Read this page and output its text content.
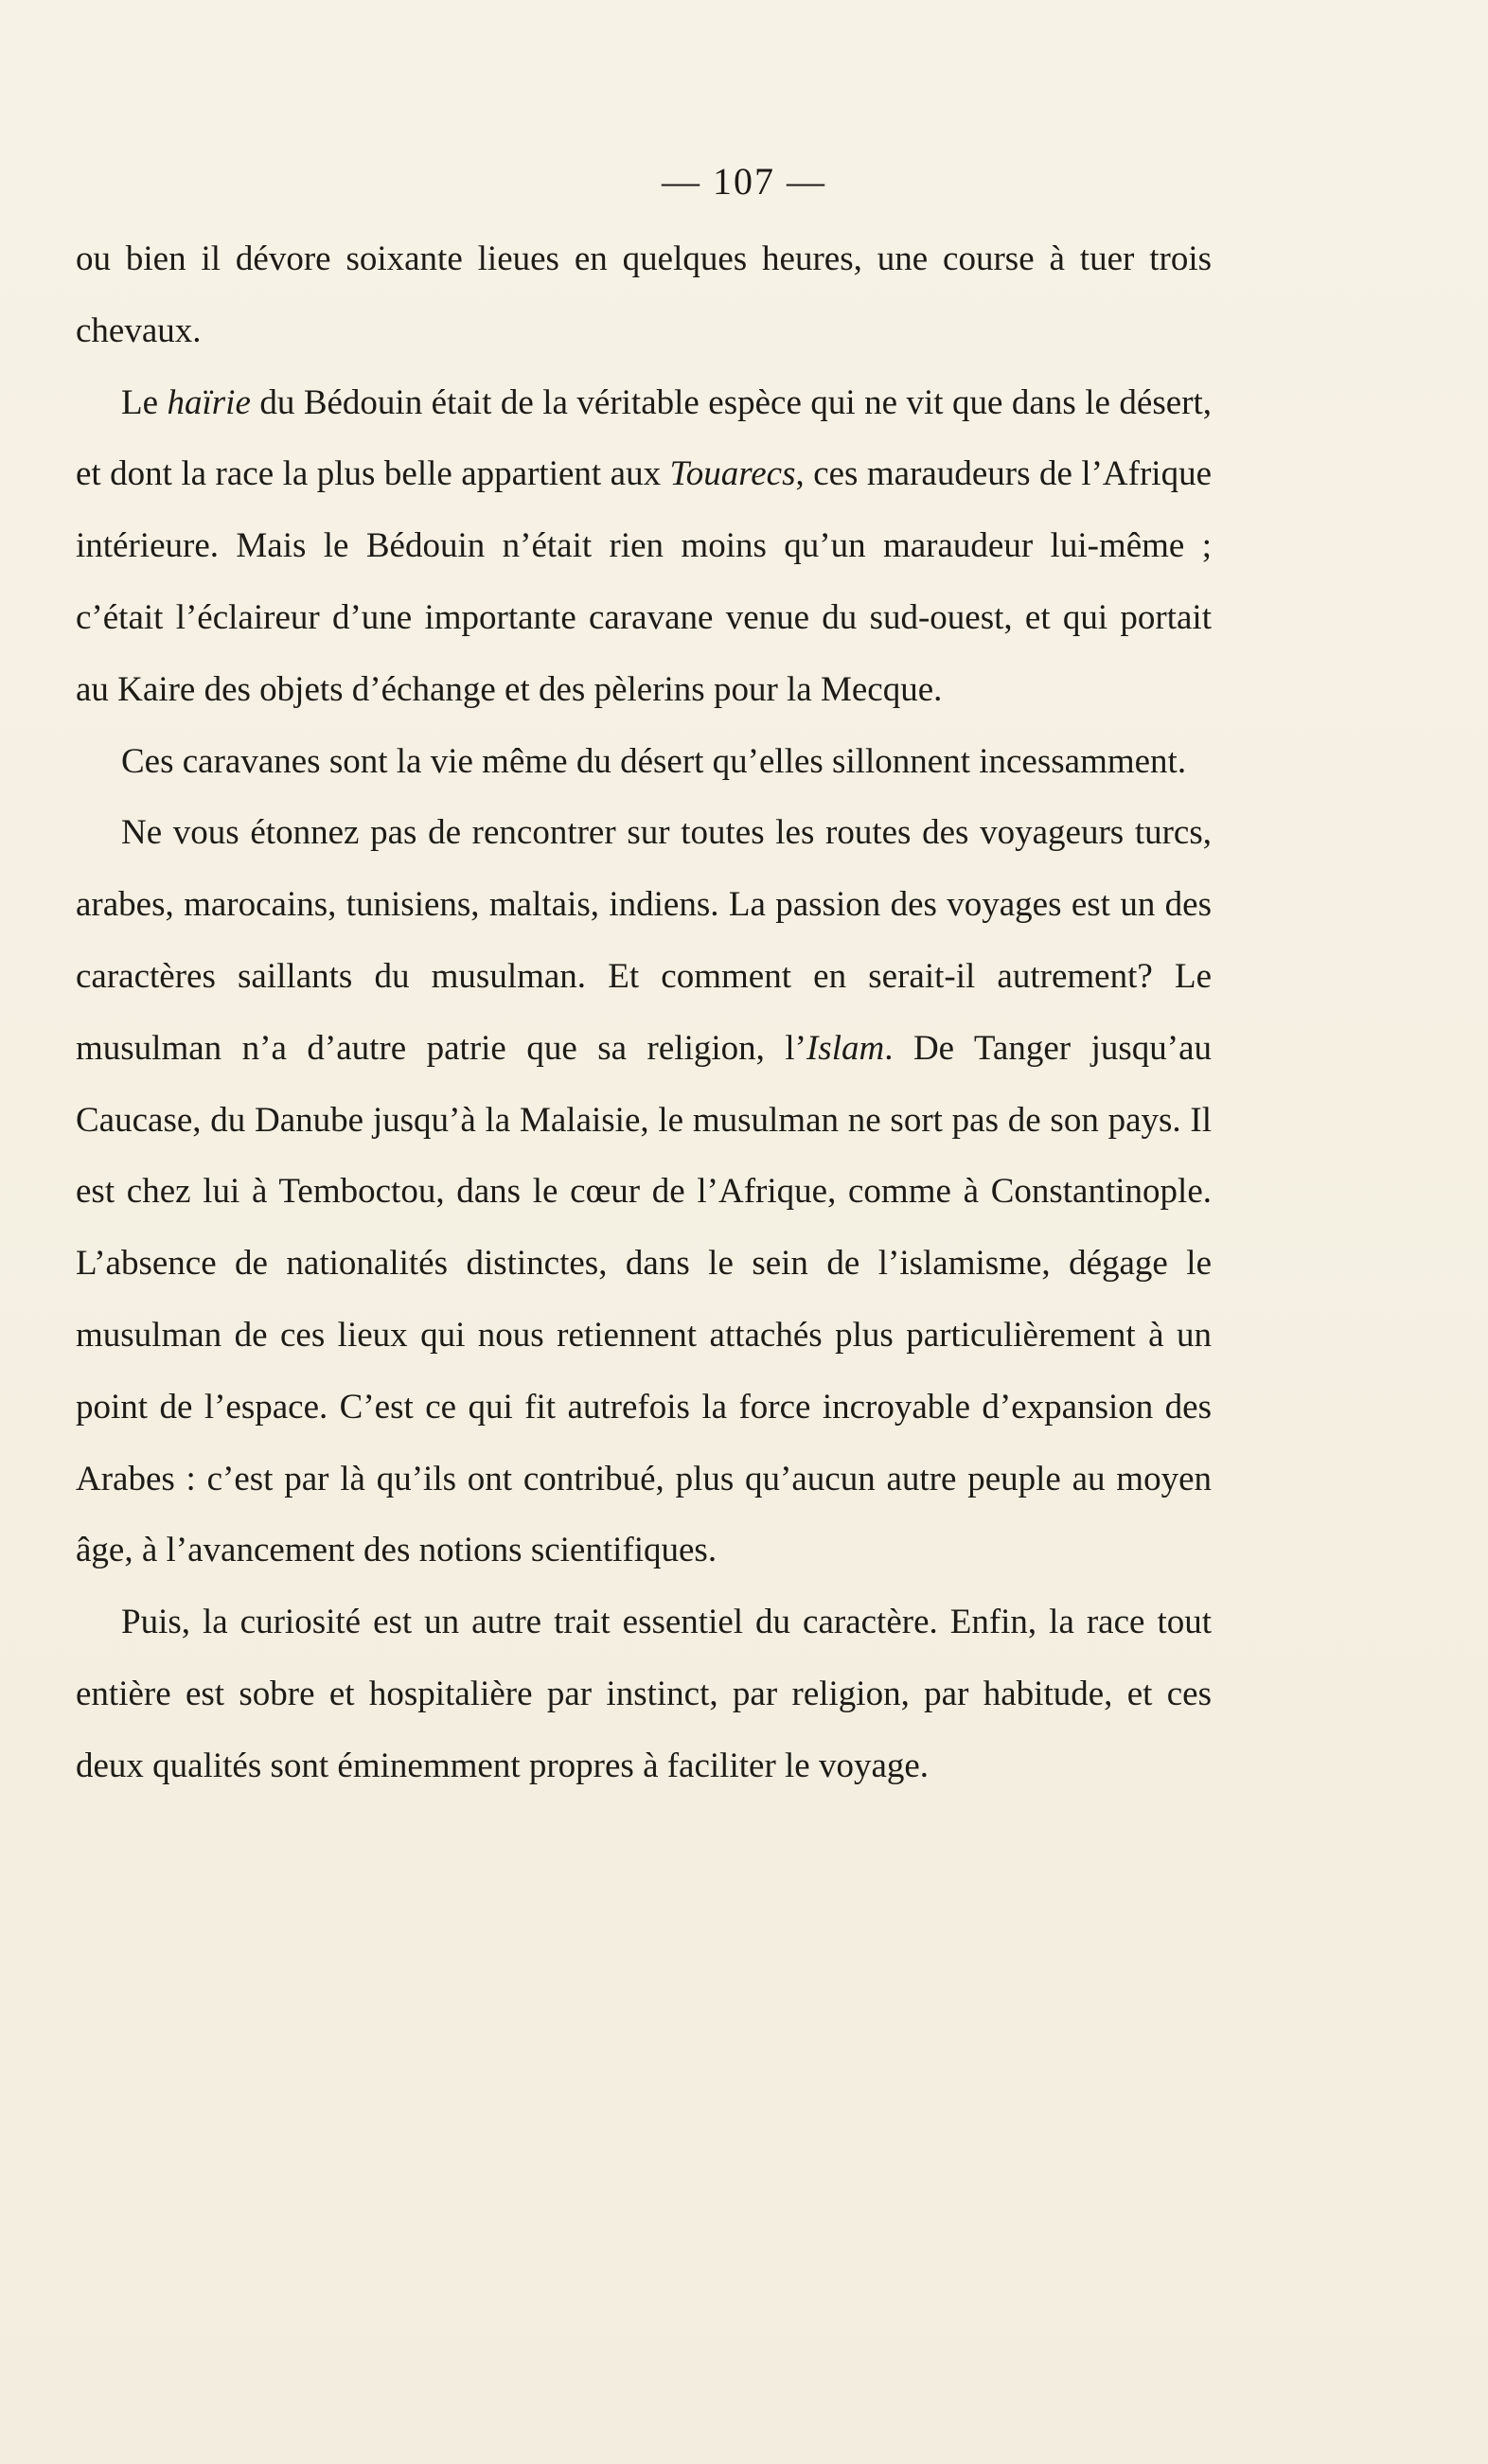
— 107 —

ou bien il dévore soixante lieues en quelques heures, une course à tuer trois chevaux.

Le haïrie du Bédouin était de la véritable espèce qui ne vit que dans le désert, et dont la race la plus belle appartient aux Touarecs, ces maraudeurs de l’Afrique intérieure. Mais le Bédouin n’était rien moins qu’un maraudeur lui-même ; c’était l’éclaireur d’une importante caravane venue du sud-ouest, et qui portait au Kaire des objets d’échange et des pèlerins pour la Mecque.

Ces caravanes sont la vie même du désert qu’elles sillonnent incessamment.

Ne vous étonnez pas de rencontrer sur toutes les routes des voyageurs turcs, arabes, marocains, tunisiens, maltais, indiens. La passion des voyages est un des caractères saillants du musulman. Et comment en serait-il autrement? Le musulman n’a d’autre patrie que sa religion, l’Islam. De Tanger jusqu’au Caucase, du Danube jusqu’à la Malaisie, le musulman ne sort pas de son pays. Il est chez lui à Temboctou, dans le cœur de l’Afrique, comme à Constantinople. L’absence de nationalités distinctes, dans le sein de l’islamisme, dégage le musulman de ces lieux qui nous retiennent attachés plus particulièrement à un point de l’espace. C’est ce qui fit autrefois la force incroyable d’expansion des Arabes : c’est par là qu’ils ont contribué, plus qu’aucun autre peuple au moyen âge, à l’avancement des notions scientifiques.

Puis, la curiosité est un autre trait essentiel du caractère. Enfin, la race tout entière est sobre et hospitalière par instinct, par religion, par habitude, et ces deux qualités sont éminemment propres à faciliter le voyage.
